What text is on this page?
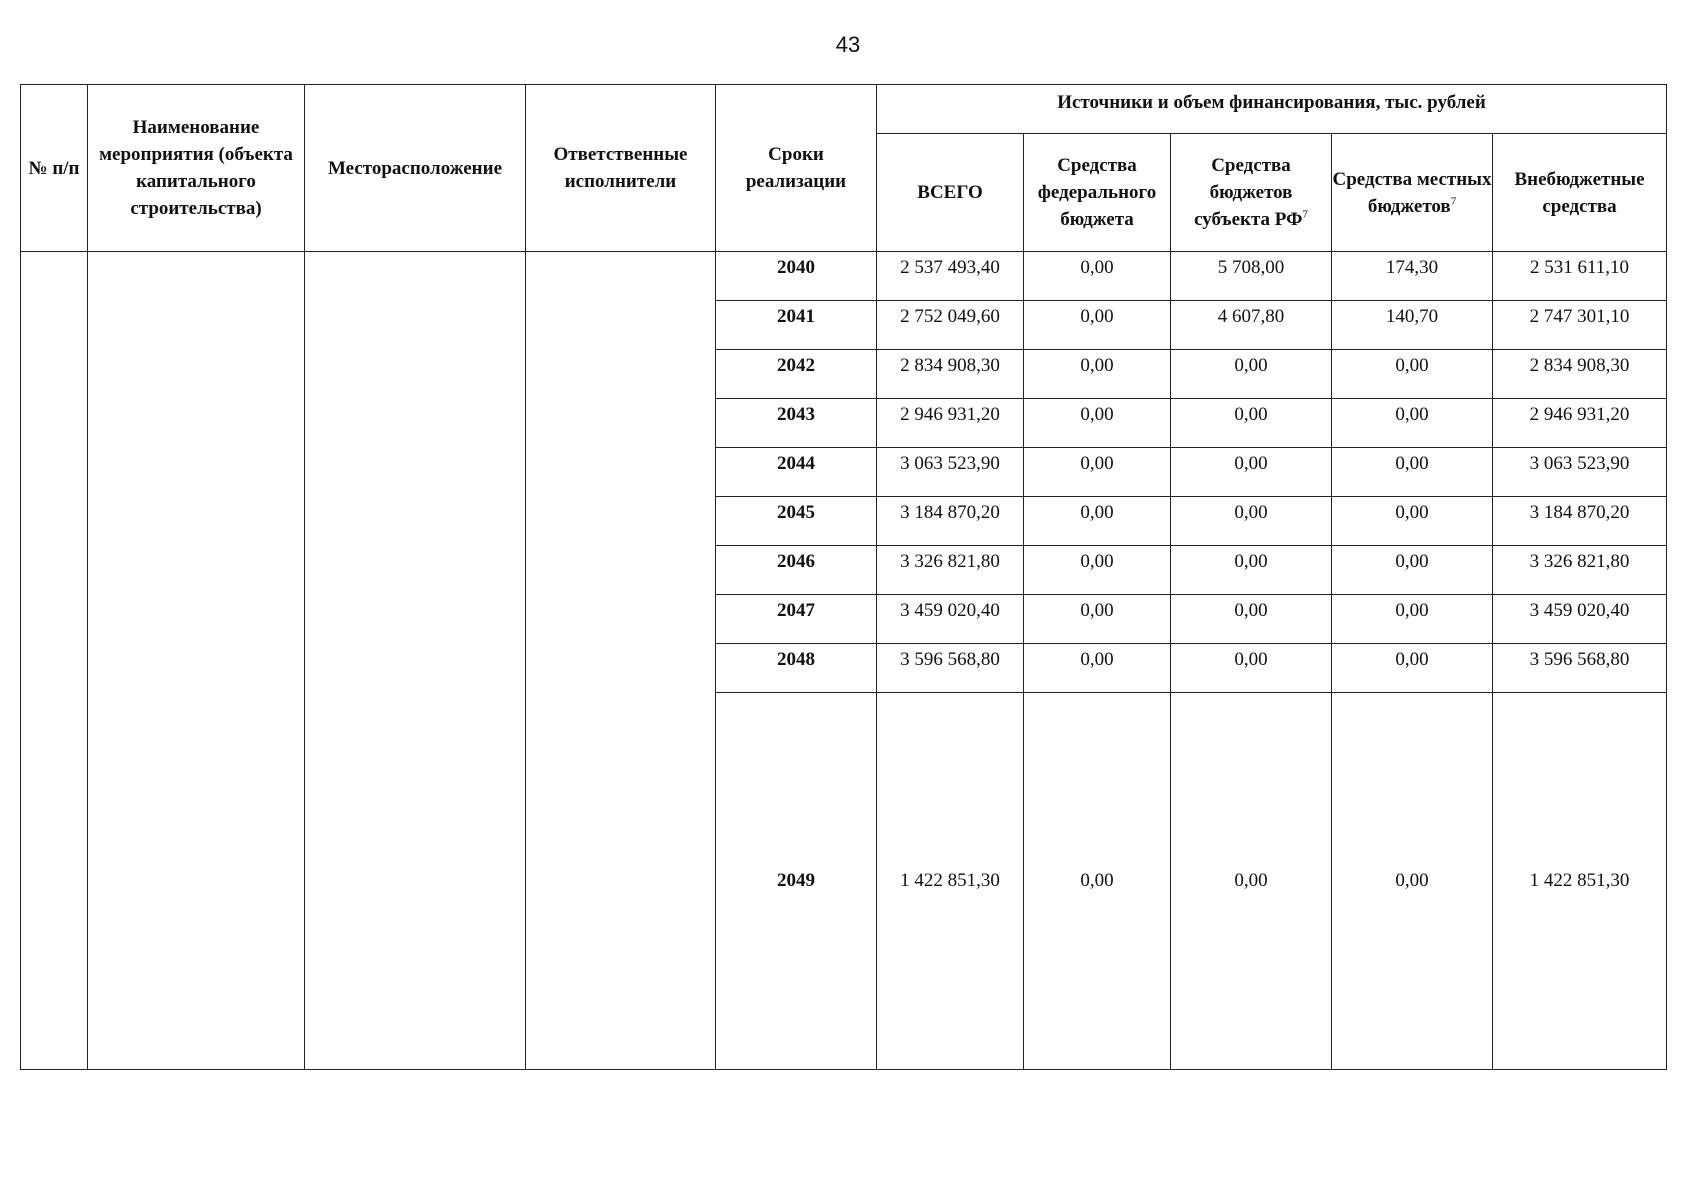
43
№ п/п	Наименование мероприятия (объекта капитального строительства)	Месторасположение	Ответственные исполнители	Сроки реализации	Источники и объем финансирования, тыс. рублей				
					ВСЕГО	Средства федерального бюджета	Средства бюджетов субъекта РФ$^7$	Средства местных бюджетов$^7$	Внебюджетные средства
				2040	2 537 493,40	0,00	5 708,00	174,30	2 531 611,10
				2041	2 752 049,60	0,00	4 607,80	140,70	2 747 301,10
				2042	2 834 908,30	0,00	0,00	0,00	2 834 908,30
				2043	2 946 931,20	0,00	0,00	0,00	2 946 931,20
				2044	3 063 523,90	0,00	0,00	0,00	3 063 523,90
				2045	3 184 870,20	0,00	0,00	0,00	3 184 870,20
				2046	3 326 821,80	0,00	0,00	0,00	3 326 821,80
				2047	3 459 020,40	0,00	0,00	0,00	3 459 020,40
				2048	3 596 568,80	0,00	0,00	0,00	3 596 568,80
				2049	1 422 851,30	0,00	0,00	0,00	1 422 851,30
